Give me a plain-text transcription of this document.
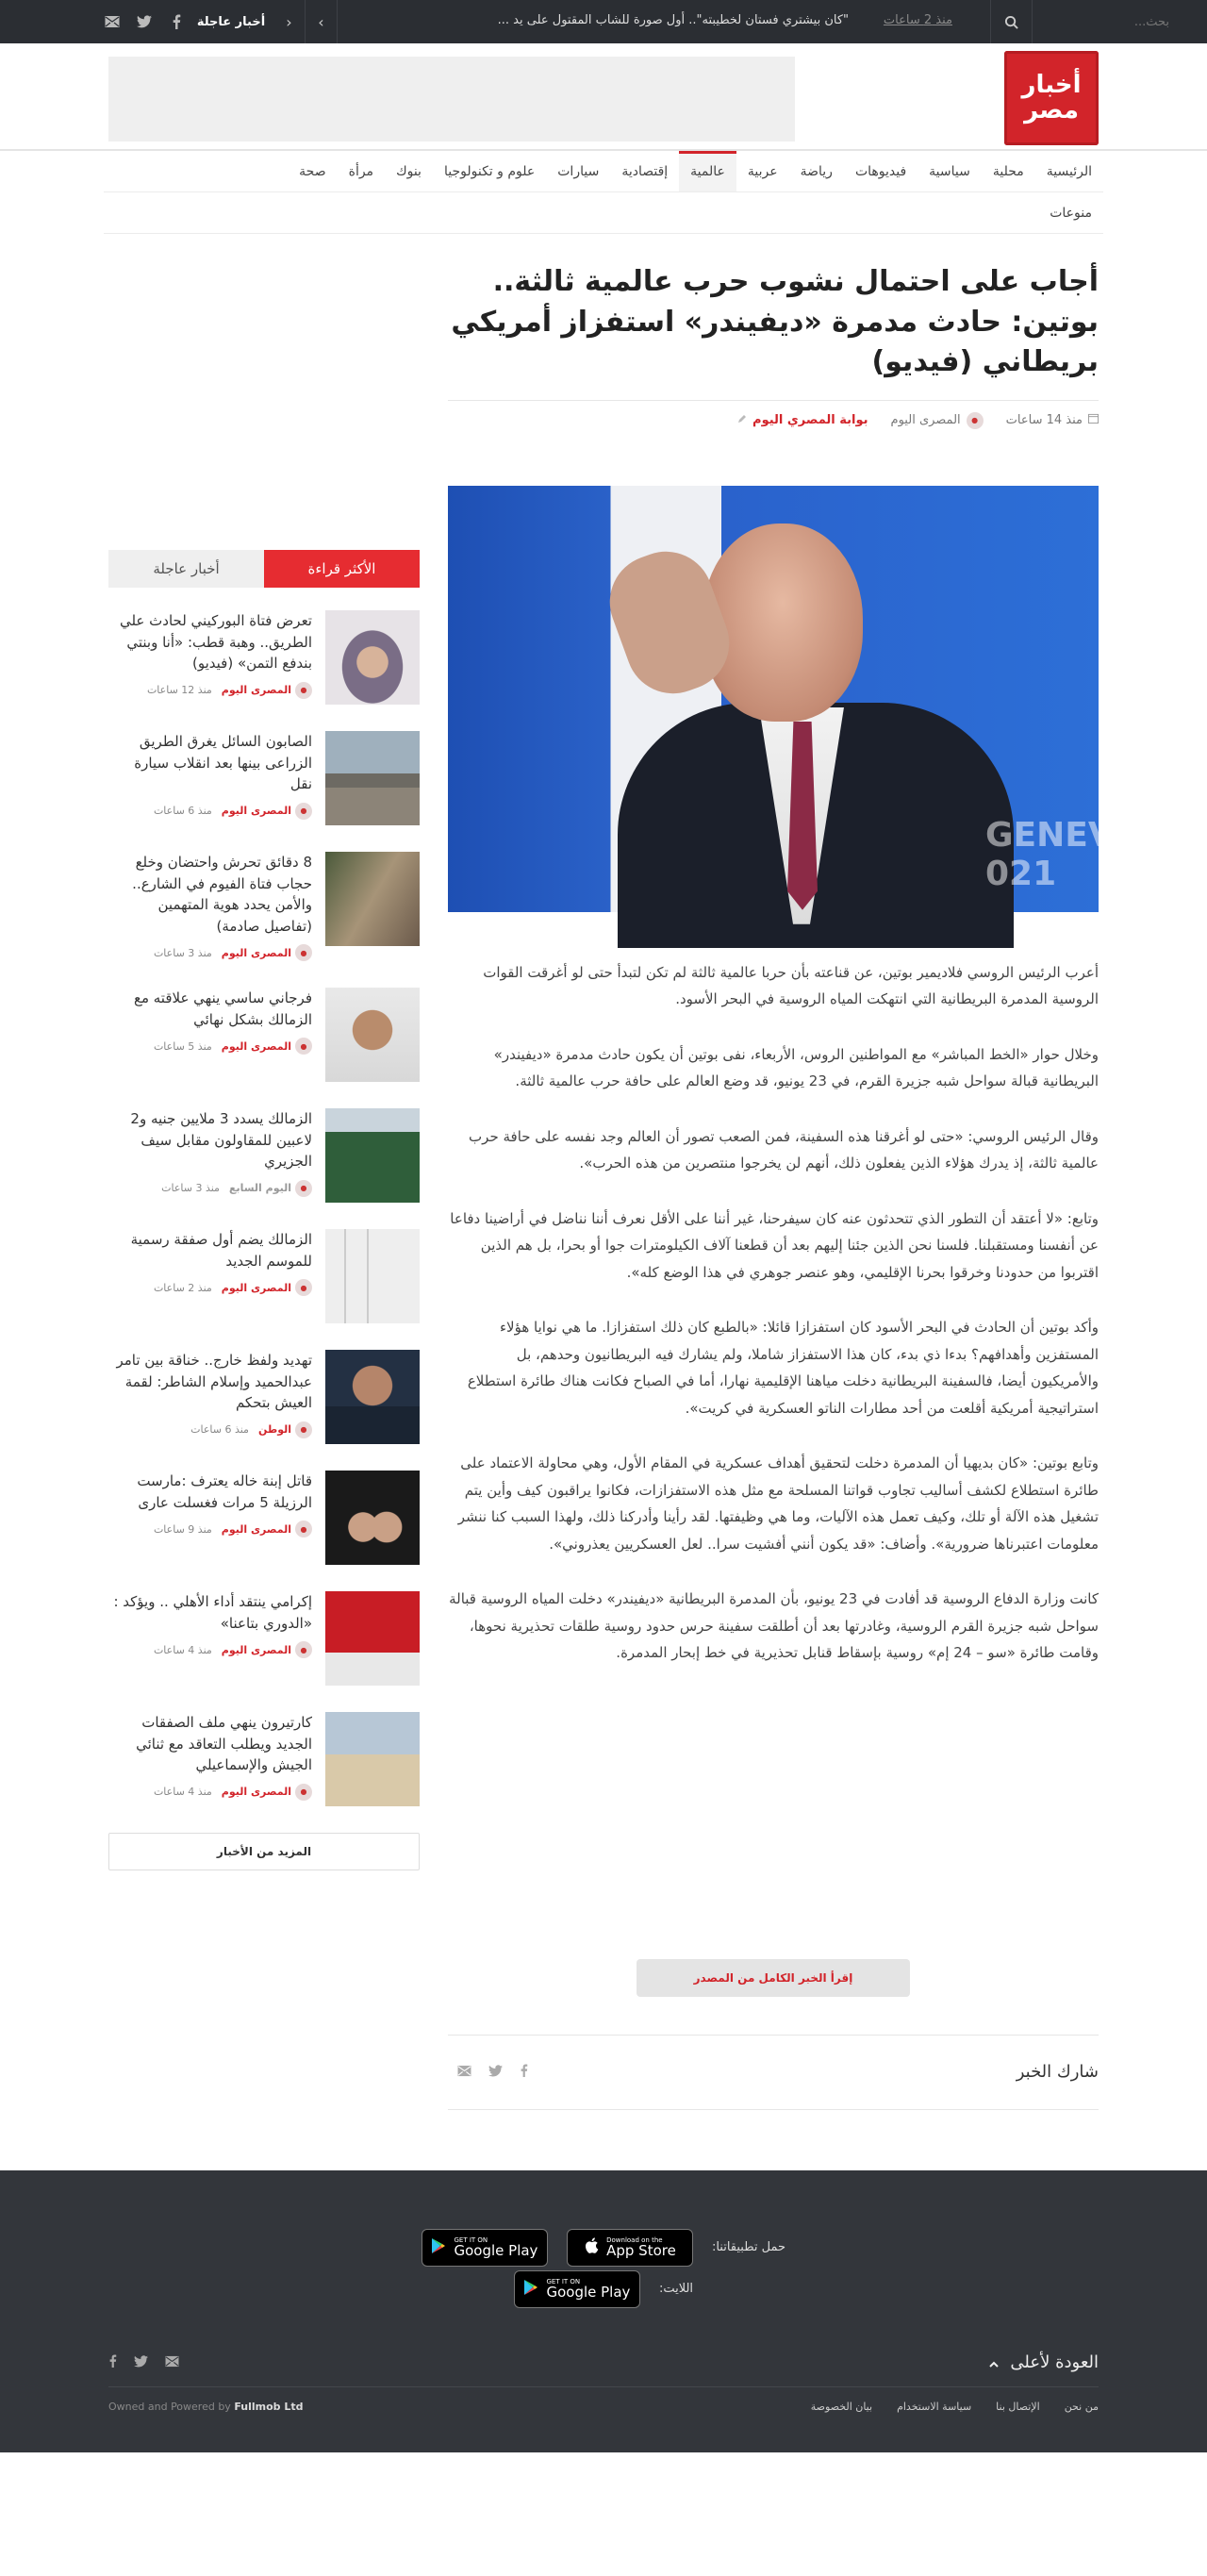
بحث...
منذ 2 ساعات
"كان بيشتري فستان لخطيبته".. أول صورة للشاب المقتول على يد ...
›
‹
أخبار عاجلة
أخبار
مصر
الرئيسية
محلية
سياسية
فيديوهات
رياضة
عربية
عالمية
إقتصادية
سيارات
علوم و تكنولوجيا
بنوك
مرأة
صحة
منوعات
أجاب على احتمال نشوب حرب عالمية ثالثة.. بوتين: حادث مدمرة «ديفيندر» استفزاز أمريكي بريطاني (فيديو)
منذ 14 ساعات
●
المصرى اليوم
بوابة المصري اليوم
GENEV
021

أعرب الرئيس الروسي فلاديمير بوتين، عن قناعته بأن حربا عالمية ثالثة لم تكن لتبدأ حتى لو أغرقت القوات الروسية المدمرة البريطانية التي انتهكت المياه الروسية في البحر الأسود.

وخلال حوار «الخط المباشر» مع المواطنين الروس، الأربعاء، نفى بوتين أن يكون حادث مدمرة «ديفيندر» البريطانية قبالة سواحل شبه جزيرة القرم، في 23 يونيو، قد وضع العالم على حافة حرب عالمية ثالثة.

وقال الرئيس الروسي: «حتى لو أغرقنا هذه السفينة، فمن الصعب تصور أن العالم وجد نفسه على حافة حرب عالمية ثالثة، إذ يدرك هؤلاء الذين يفعلون ذلك، أنهم لن يخرجوا منتصرين من هذه الحرب».

وتابع: «لا أعتقد أن التطور الذي تتحدثون عنه كان سيفرحنا، غير أننا على الأقل نعرف أننا نناضل في أراضينا دفاعا عن أنفسنا ومستقبلنا. فلسنا نحن الذين جئنا إليهم بعد أن قطعنا آلاف الكيلومترات جوا أو بحرا، بل هم الذين اقتربوا من حدودنا وخرقوا بحرنا الإقليمي، وهو عنصر جوهري في هذا الوضع كله».

وأكد بوتين أن الحادث في البحر الأسود كان استفزازا قائلا: «بالطبع كان ذلك استفزازا. ما هي نوايا هؤلاء المستفزين وأهدافهم؟ بدءا ذي بدء، كان هذا الاستفزاز شاملا، ولم يشارك فيه البريطانيون وحدهم، بل والأمريكيون أيضا، فالسفينة البريطانية دخلت مياهنا الإقليمية نهارا، أما في الصباح فكانت هناك طائرة استطلاع استراتيجية أمريكية أقلعت من أحد مطارات الناتو العسكرية في كريت».

وتابع بوتين: «كان بديهيا أن المدمرة دخلت لتحقيق أهداف عسكرية في المقام الأول، وهي محاولة الاعتماد على طائرة استطلاع لكشف أساليب تجاوب قواتنا المسلحة مع مثل هذه الاستفزازات، فكانوا يراقبون كيف وأين يتم تشغيل هذه الآلة أو تلك، وكيف تعمل هذه الآليات، وما هي وظيفتها. لقد رأينا وأدركنا ذلك، ولهذا السبب كنا ننشر معلومات اعتبرناها ضرورية». وأضاف: «قد يكون أنني أفشيت سرا.. لعل العسكريين يعذروني».

كانت وزارة الدفاع الروسية قد أفادت في 23 يونيو، بأن المدمرة البريطانية «ديفيندر» دخلت المياه الروسية قبالة سواحل شبه جزيرة القرم الروسية، وغادرتها بعد أن أطلقت سفينة حرس حدود روسية طلقات تحذيرية نحوها، وقامت طائرة «سو – 24 إم» روسية بإسقاط قنابل تحذيرية في خط إبحار المدمرة.

إقرأ الخبر الكامل من المصدر
شارك الخبر
الأكثر قراءة
أخبار عاجلة
تعرض فتاة البوركيني لحادث علي الطريق.. وهبة قطب: «أنا وبنتي بندفع التمن» (فيديو)
●
المصرى اليوم
منذ 12 ساعات
الصابون السائل يغرق الطريق الزراعى بينها بعد انقلاب سيارة نقل
●
المصرى اليوم
منذ 6 ساعات
8 دقائق تحرش واحتضان وخلع حجاب فتاة الفيوم في الشارع.. والأمن يحدد هوية المتهمين (تفاصيل صادمة)
●
المصرى اليوم
منذ 3 ساعات
فرجاني ساسي ينهي علاقته مع الزمالك بشكل نهائي
●
المصرى اليوم
منذ 5 ساعات
الزمالك يسدد 3 ملايين جنيه و2 لاعبين للمقاولون مقابل سيف الجزيري
●
اليوم السابع
منذ 3 ساعات
الزمالك يضم أول صفقة رسمية للموسم الجديد
●
المصرى اليوم
منذ 2 ساعات
تهديد ولفظ خارج.. خناقة بين تامر عبدالحميد وإسلام الشاطر: لقمة العيش بتحكم
●
الوطن
منذ 6 ساعات
قاتل إبنة خاله يعترف :مارست الرزيلة 5 مرات فغسلت عارى
●
المصرى اليوم
منذ 9 ساعات
إكرامي ينتقد أداء الأهلي .. ويؤكد : «الدوري بتاعنا»
●
المصرى اليوم
منذ 4 ساعات
كارتيرون ينهي ملف الصفقات الجديد ويطلب التعاقد مع ثنائي الجيش والإسماعيلي
●
المصرى اليوم
منذ 4 ساعات
المزيد من الأخبار
حمل تطبيقاتنا:
Download on the
App Store
GET IT ON
Google Play
اللايت:
GET IT ON
Google Play
العودة لأعلى
من نحن
الإتصال بنا
سياسة الاستخدام
بيان الخصوصة
Owned and Powered by Fullmob Ltd
